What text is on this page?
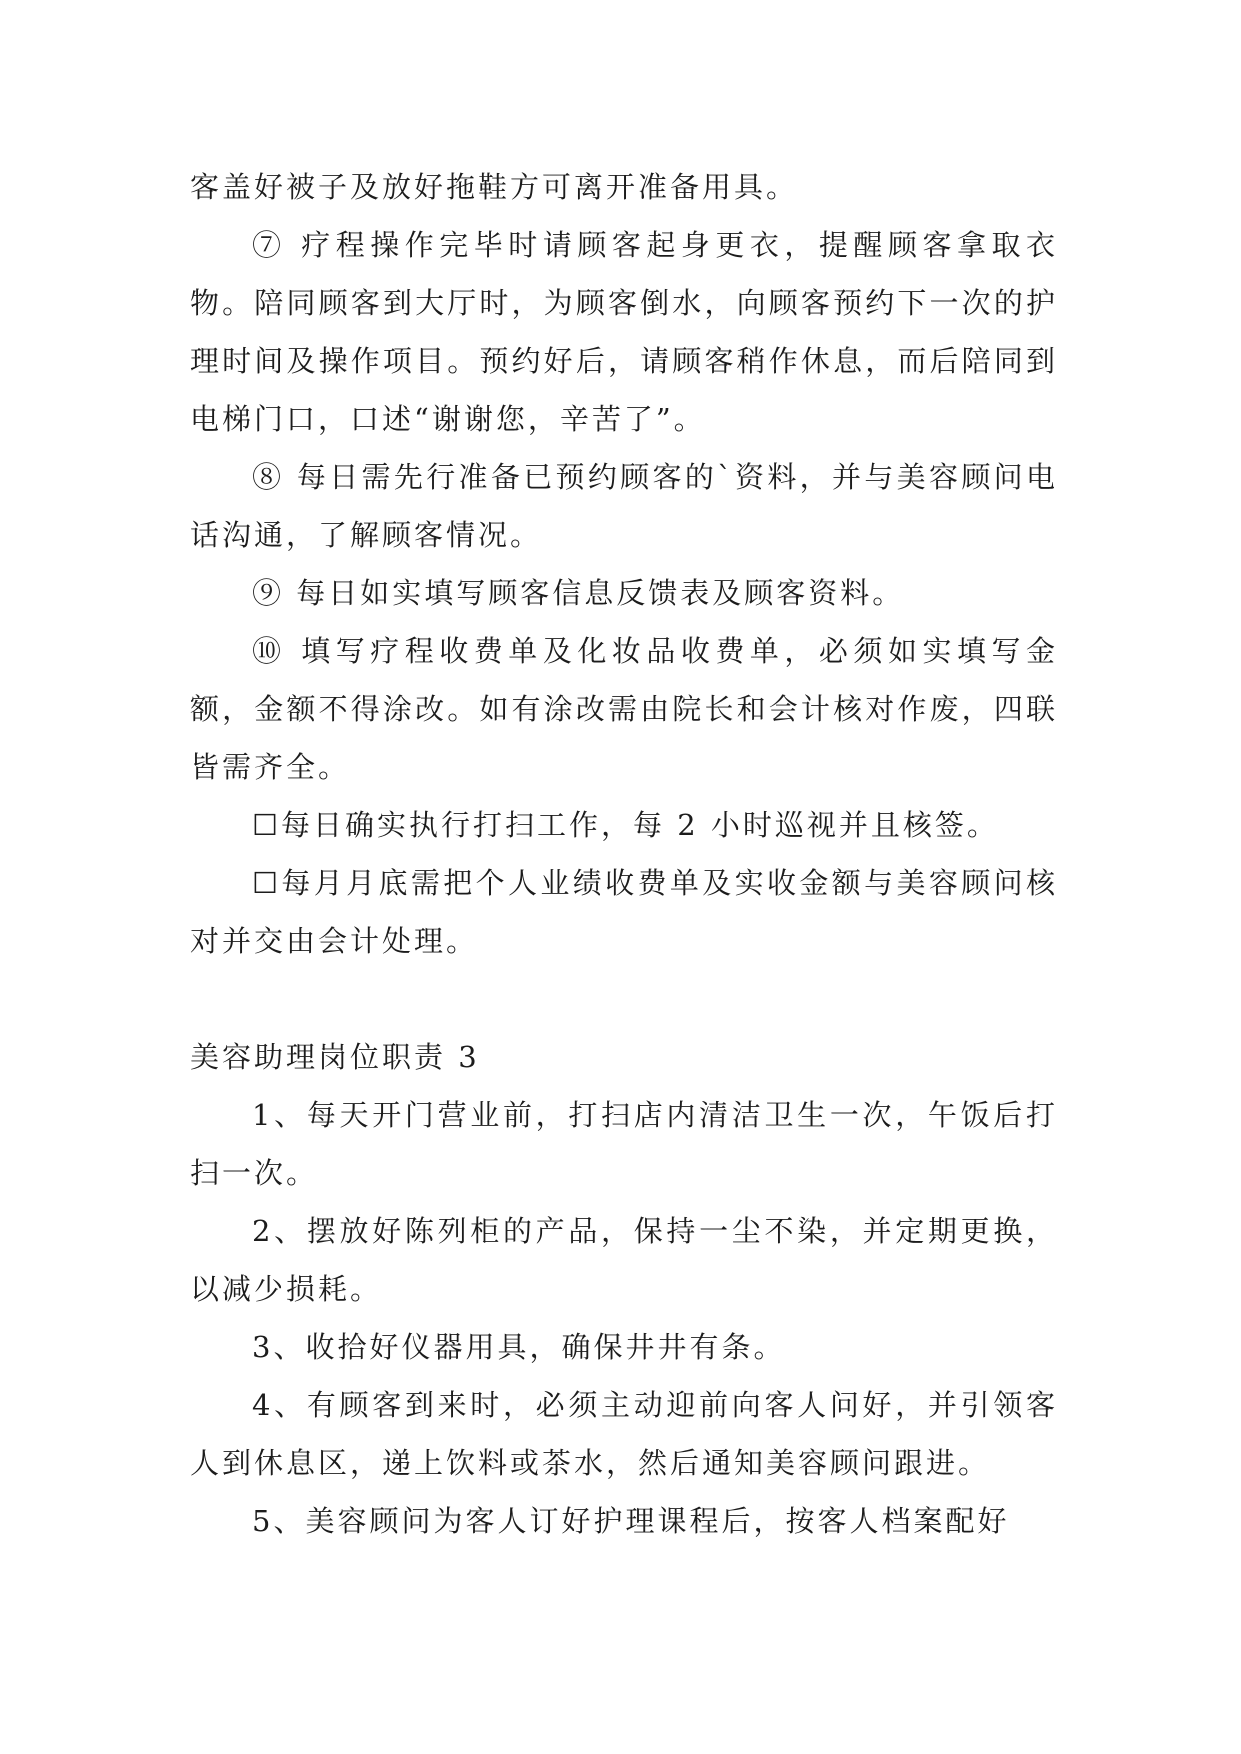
客盖好被子及放好拖鞋方可离开准备用具。

⑦ 疗程操作完毕时请顾客起身更衣，提醒顾客拿取衣物。陪同顾客到大厅时，为顾客倒水，向顾客预约下一次的护理时间及操作项目。预约好后，请顾客稍作休息，而后陪同到电梯门口，口述“谢谢您，辛苦了”。

⑧ 每日需先行准备已预约顾客的`资料，并与美容顾问电话沟通，了解顾客情况。

⑨ 每日如实填写顾客信息反馈表及顾客资料。

⑩ 填写疗程收费单及化妆品收费单，必须如实填写金额，金额不得涂改。如有涂改需由院长和会计核对作废，四联皆需齐全。

☐每日确实执行打扫工作，每 2 小时巡视并且核签。

☐每月月底需把个人业绩收费单及实收金额与美容顾问核对并交由会计处理。

美容助理岗位职责 3

1、每天开门营业前，打扫店内清洁卫生一次，午饭后打扫一次。

2、摆放好陈列柜的产品，保持一尘不染，并定期更换，以减少损耗。

3、收拾好仪器用具，确保井井有条。

4、有顾客到来时，必须主动迎前向客人问好，并引领客人到休息区，递上饮料或茶水，然后通知美容顾问跟进。

5、美容顾问为客人订好护理课程后，按客人档案配好
